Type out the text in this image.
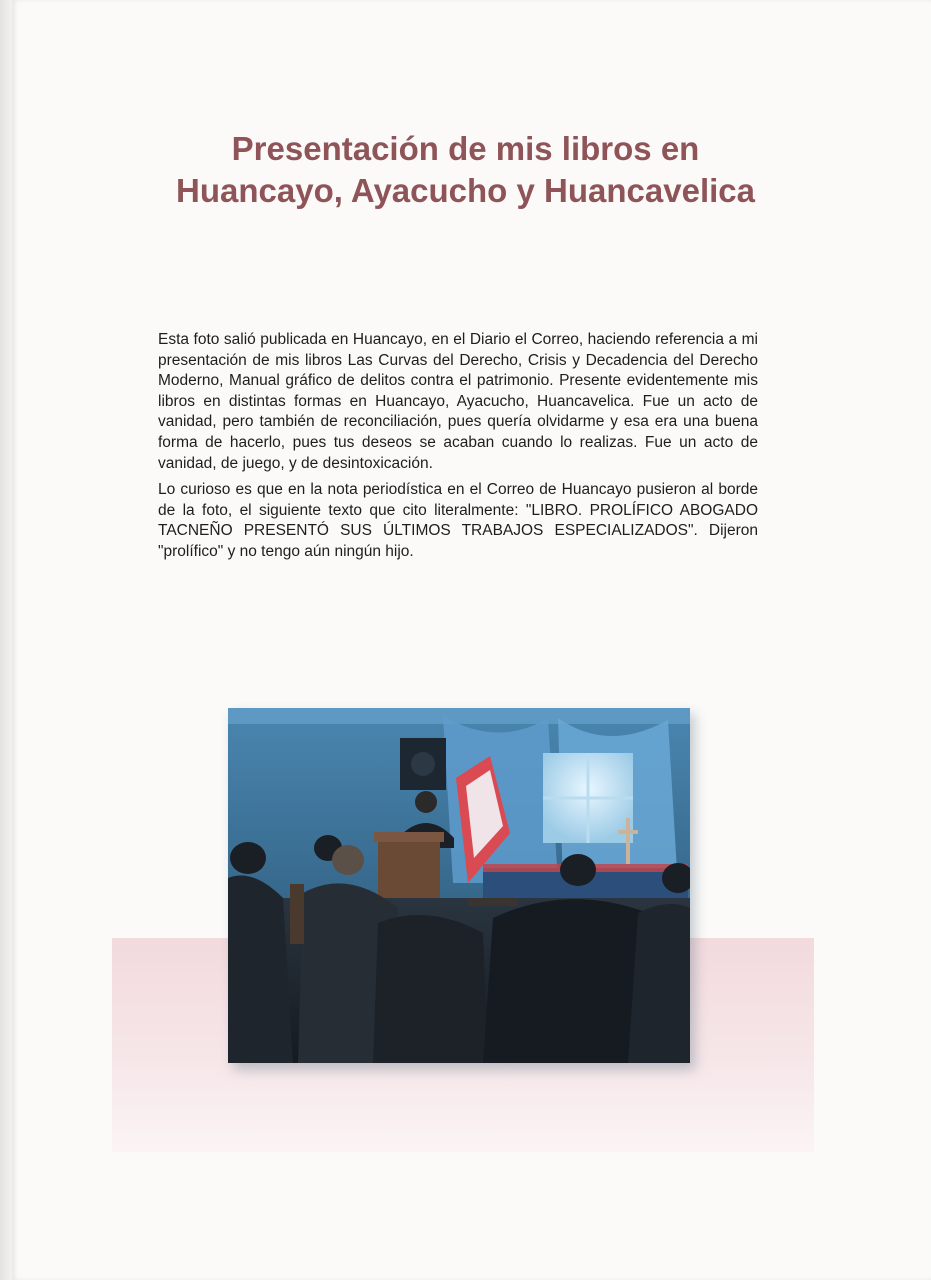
Presentación de mis libros en
Huancayo, Ayacucho y Huancavelica

Esta foto salió publicada en Huancayo, en el Diario el Correo, haciendo referencia a mi presentación de mis libros Las Curvas del Derecho, Crisis y Decadencia del Derecho Moderno, Manual gráfico de delitos contra el patrimonio. Presente evidentemente mis libros en distintas formas en Huancayo, Ayacucho, Huancavelica. Fue un acto de vanidad, pero también de reconciliación, pues quería olvidarme y esa era una buena forma de hacerlo, pues tus deseos se acaban cuando lo realizas. Fue un acto de vanidad, de juego, y de desintoxicación.

Lo curioso es que en la nota periodística en el Correo de Huancayo pusieron al borde de la foto, el siguiente texto que cito literalmente: "LIBRO. PROLÍFICO ABOGADO TACNEÑO PRESENTÓ SUS ÚLTIMOS TRABAJOS ESPECIALIZADOS". Dijeron "prolífico" y no tengo aún ningún hijo.
